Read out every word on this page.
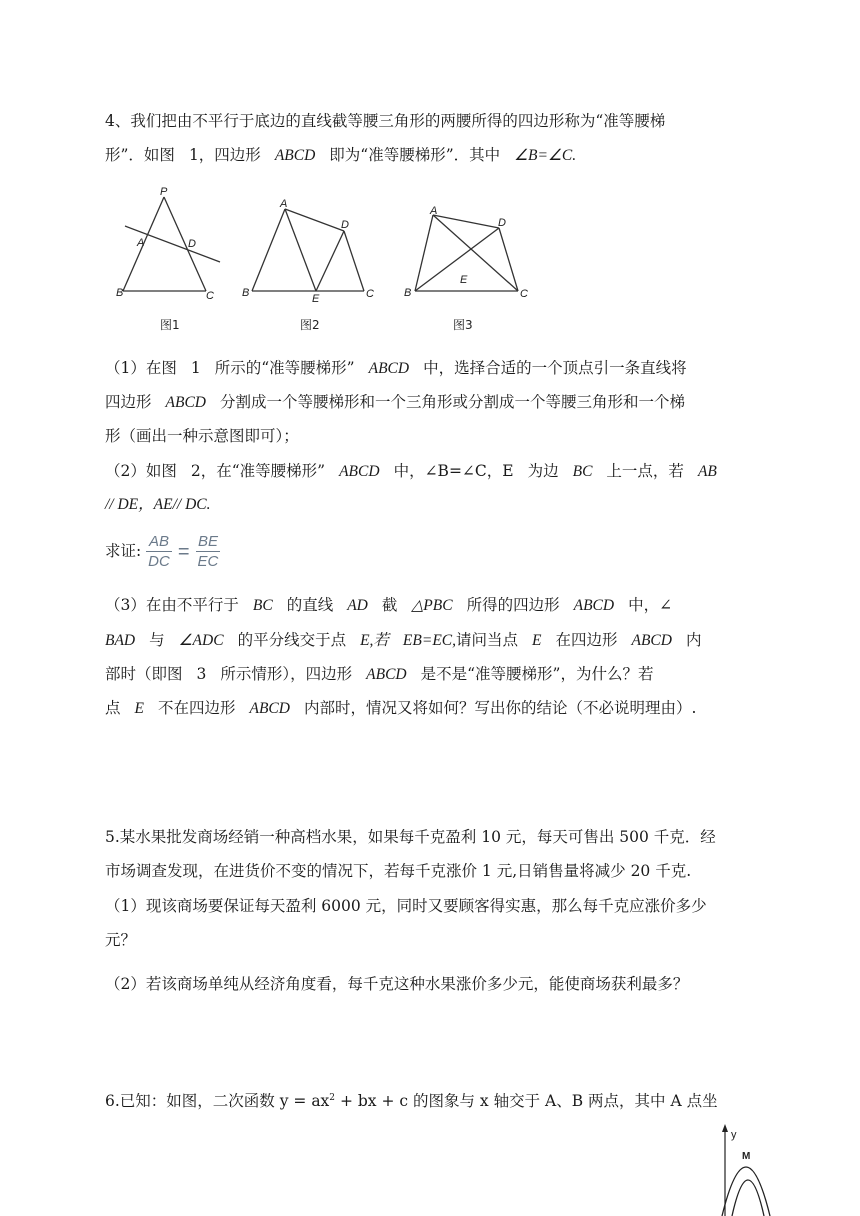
4、我们把由不平行于底边的直线截等腰三角形的两腰所得的四边形称为“准等腰梯
形”．如图 1，四边形 ABCD 即为“准等腰梯形”．其中 ∠B=∠C.
P
A	D
B	C
图1
A
D
B	E	C
图2
A
D
E
B	C
图3
（1）在图 1 所示的“准等腰梯形” ABCD 中，选择合适的一个顶点引一条直线将
四边形 ABCD 分割成一个等腰梯形和一个三角形或分割成一个等腰三角形和一个梯
形（画出一种示意图即可）；
（2）如图 2，在“准等腰梯形” ABCD 中，∠B=∠C，E 为边 BC 上一点，若 AB
// DE，AE// DC.
求证: $\frac{AB}{DC} = \frac{BE}{EC}$
（3）在由不平行于 BC 的直线 AD 截 △PBC 所得的四边形 ABCD 中，∠
BAD 与 ∠ADC 的平分线交于点 E,若 EB=EC,请问当点 E 在四边形 ABCD 内
部时（即图 3 所示情形），四边形 ABCD 是不是“准等腰梯形”，为什么？若
点 E 不在四边形 ABCD 内部时，情况又将如何？写出你的结论（不必说明理由）.
5.某水果批发商场经销一种高档水果，如果每千克盈利 10 元，每天可售出 500 千克．经
市场调查发现，在进货价不变的情况下，若每千克涨价 1 元,日销售量将减少 20 千克.
（1）现该商场要保证每天盈利 6000 元，同时又要顾客得实惠，那么每千克应涨价多少
元？
（2）若该商场单纯从经济角度看，每千克这种水果涨价多少元，能使商场获利最多？
6.已知：如图，二次函数 $y = ax^2$ + bx + c 的图象与 x 轴交于 A、B 两点，其中 A 点坐
y
M
